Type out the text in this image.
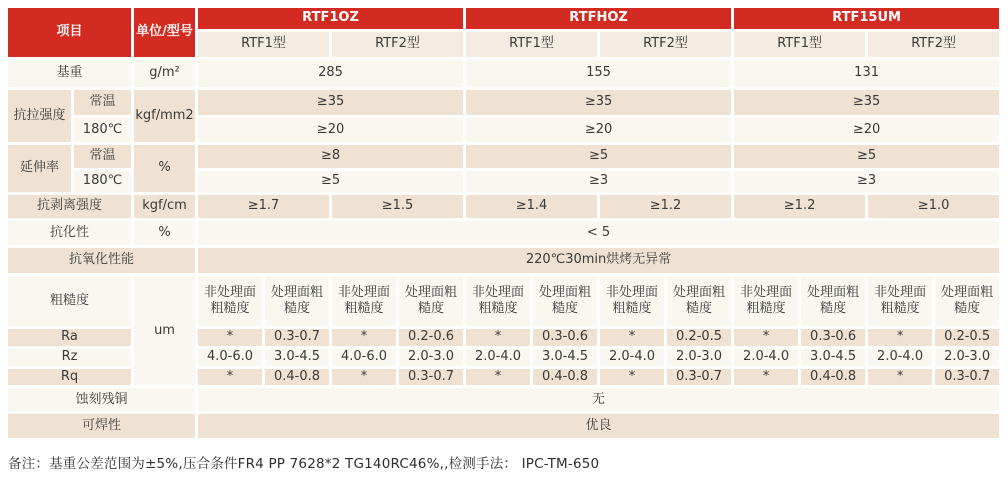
项目		单位/型号	RTF1OZ				RTFHOZ				RTF15UM			
			RTF1型		RTF2型		RTF1型		RTF2型		RTF1型		RTF2型	
基重		g/m²	285				155				131			
抗拉强度	常温	kgf/mm2	≥35				≥35				≥35			
	180℃		≥20				≥20				≥20			
延伸率	常温	%	≥8				≥5				≥5			
	180℃		≥5				≥3				≥3			
抗剥离强度		kgf/cm	≥1.7		≥1.5		≥1.4		≥1.2		≥1.2		≥1.0	
抗化性		%	< 5											
抗氧化性能			220℃30min烘烤无异常											
粗糙度		um	非处理面粗糙度	处理面粗糙度	非处理面粗糙度	处理面粗糙度	非处理面粗糙度	处理面粗糙度	非处理面粗糙度	处理面粗糙度	非处理面粗糙度	处理面粗糙度	非处理面粗糙度	处理面粗糙度
Ra			*	0.3-0.7	*	0.2-0.6	*	0.3-0.6	*	0.2-0.5	*	0.3-0.6	*	0.2-0.5
Rz			4.0-6.0	3.0-4.5	4.0-6.0	2.0-3.0	2.0-4.0	3.0-4.5	2.0-4.0	2.0-3.0	2.0-4.0	3.0-4.5	2.0-4.0	2.0-3.0
Rq			*	0.4-0.8	*	0.3-0.7	*	0.4-0.8	*	0.3-0.7	*	0.4-0.8	*	0.3-0.7
蚀刻残铜			无											
可焊性			优良											
备注：基重公差范围为±5%,压合条件FR4 PP 7628*2 TG140RC46%,,检测手法： IPC-TM-650
